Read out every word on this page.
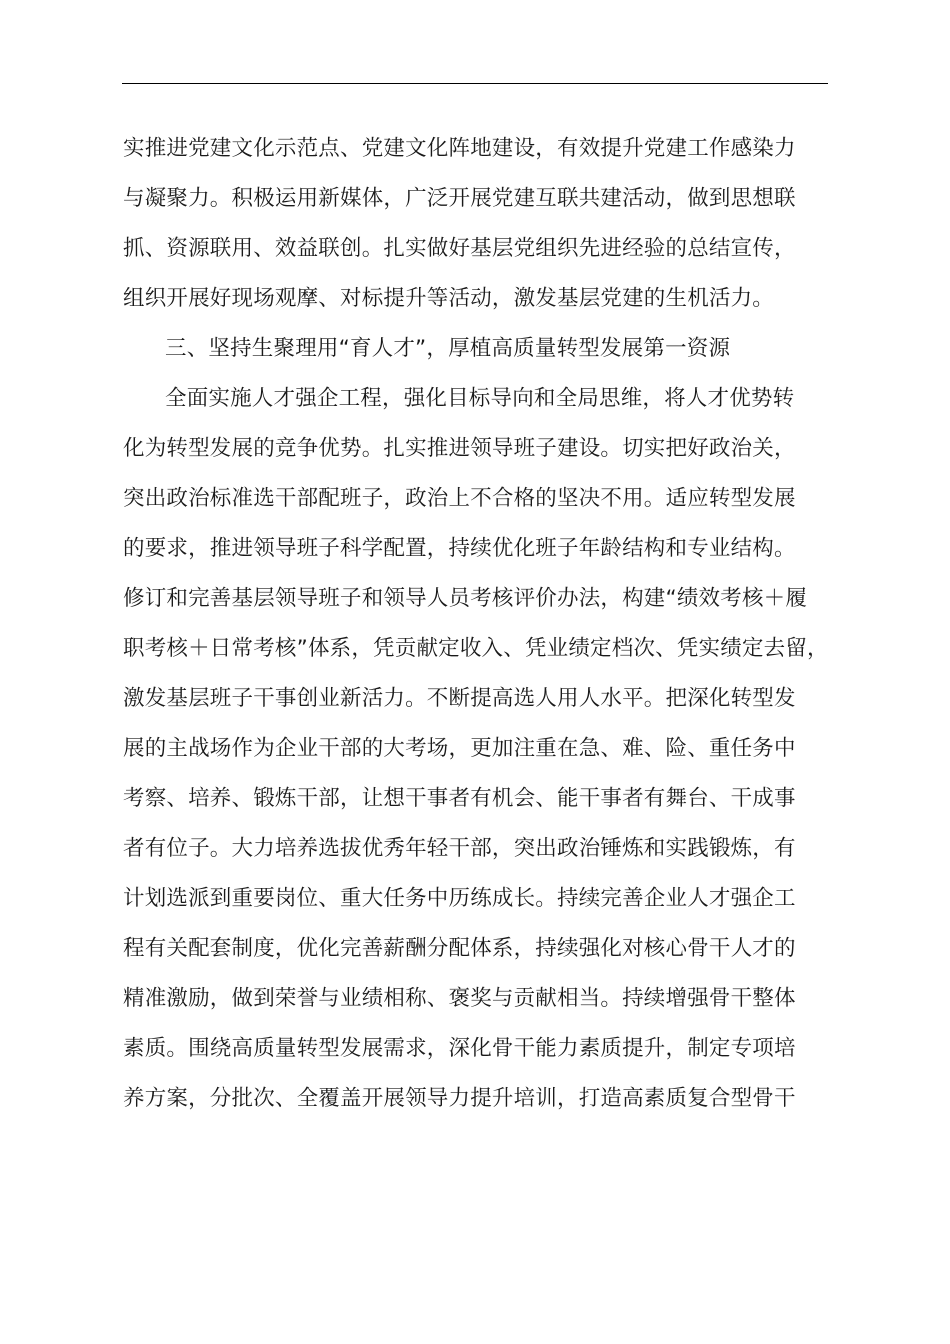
实推进党建文化示范点、党建文化阵地建设，有效提升党建工作感染力
与凝聚力。积极运用新媒体，广泛开展党建互联共建活动，做到思想联
抓、资源联用、效益联创。扎实做好基层党组织先进经验的总结宣传，
组织开展好现场观摩、对标提升等活动，激发基层党建的生机活力。
三、坚持生聚理用“育人才”，厚植高质量转型发展第一资源
全面实施人才强企工程，强化目标导向和全局思维，将人才优势转
化为转型发展的竞争优势。扎实推进领导班子建设。切实把好政治关，
突出政治标准选干部配班子，政治上不合格的坚决不用。适应转型发展
的要求，推进领导班子科学配置，持续优化班子年龄结构和专业结构。
修订和完善基层领导班子和领导人员考核评价办法，构建“绩效考核＋履
职考核＋日常考核”体系，凭贡献定收入、凭业绩定档次、凭实绩定去留，
激发基层班子干事创业新活力。不断提高选人用人水平。把深化转型发
展的主战场作为企业干部的大考场，更加注重在急、难、险、重任务中
考察、培养、锻炼干部，让想干事者有机会、能干事者有舞台、干成事
者有位子。大力培养选拔优秀年轻干部，突出政治锤炼和实践锻炼，有
计划选派到重要岗位、重大任务中历练成长。持续完善企业人才强企工
程有关配套制度，优化完善薪酬分配体系，持续强化对核心骨干人才的
精准激励，做到荣誉与业绩相称、褒奖与贡献相当。持续增强骨干整体
素质。围绕高质量转型发展需求，深化骨干能力素质提升，制定专项培
养方案，分批次、全覆盖开展领导力提升培训，打造高素质复合型骨干
